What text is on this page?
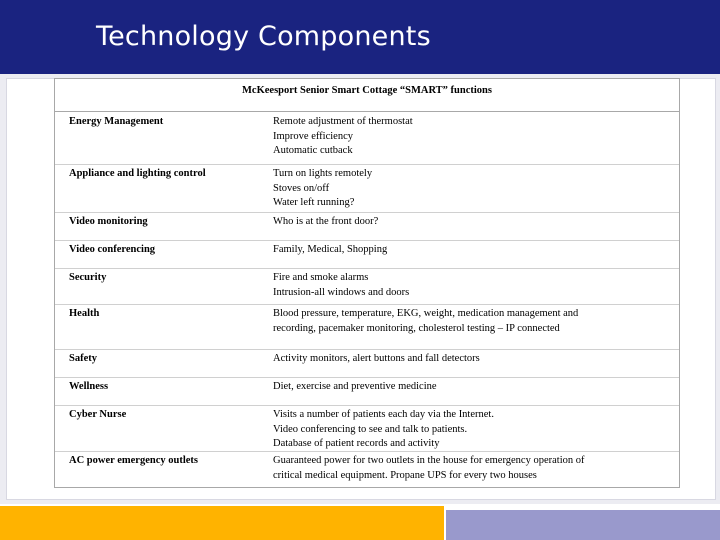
Technology Components
McKeesport Senior Smart Cottage “SMART” functions
Energy Management	Remote adjustment of thermostat
Improve efficiency
Automatic cutback
Appliance and lighting control	Turn on lights remotely
Stoves on/off
Water left running?
Video monitoring	Who is at the front door?
Video conferencing	Family, Medical, Shopping
Security	Fire and smoke alarms
Intrusion-all windows and doors
Health	Blood pressure, temperature, EKG, weight, medication management and
recording, pacemaker monitoring, cholesterol testing – IP connected
Safety	Activity monitors, alert buttons and fall detectors
Wellness	Diet, exercise and preventive medicine
Cyber Nurse	Visits a number of patients each day via the Internet.
Video conferencing to see and talk to patients.
Database of patient records and activity
AC power emergency outlets	Guaranteed power for two outlets in the house for emergency operation of
critical medical equipment. Propane UPS for every two houses
